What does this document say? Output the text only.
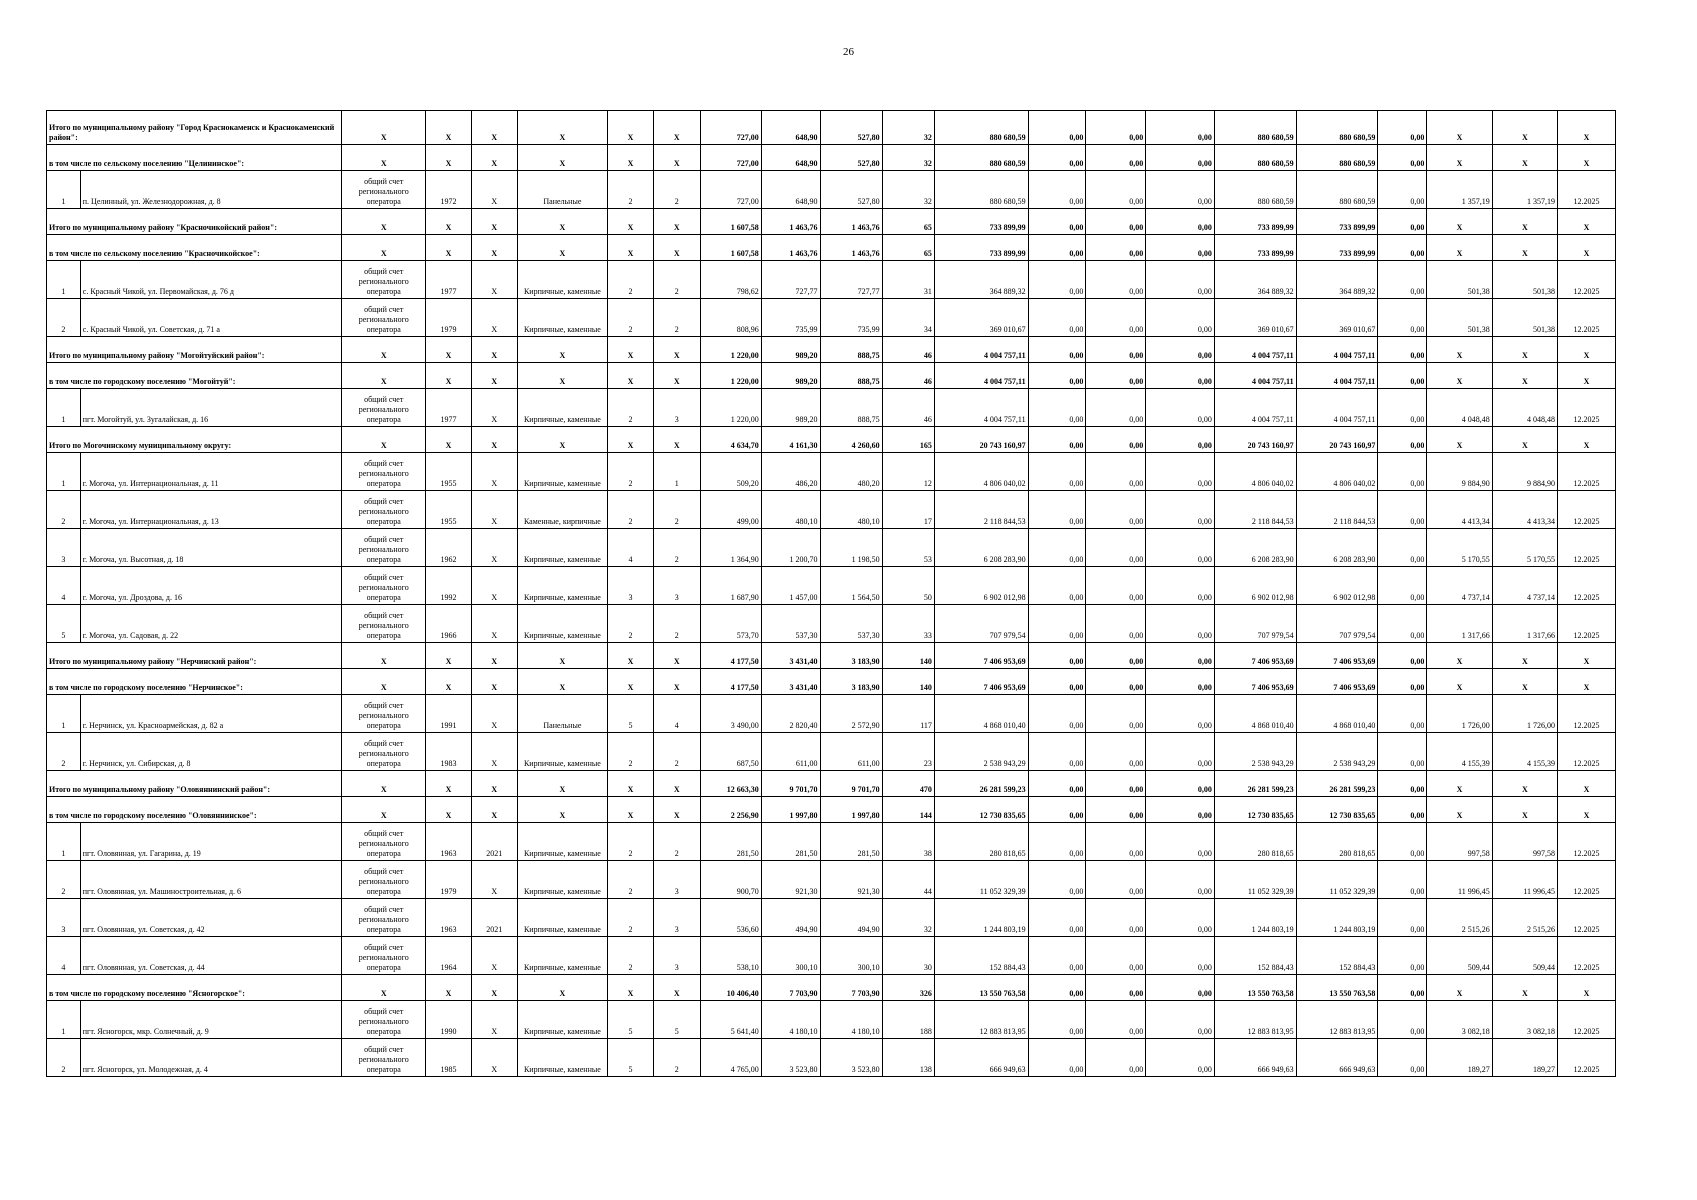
26
Итого по муниципальному району "Город Краснокаменск и Краснокаменский район":		X	X	X	X	X	X	727,00	648,90	527,80	32	880 680,59	0,00	0,00	0,00	880 680,59	880 680,59	0,00	X	X	X
в том числе по сельскому поселению "Целининское":		X	X	X	X	X	X	727,00	648,90	527,80	32	880 680,59	0,00	0,00	0,00	880 680,59	880 680,59	0,00	X	X	X
1	п. Целинный, ул. Железнодорожная, д. 8	общий счет регионального оператора	1972	X	Панельные	2	2	727,00	648,90	527,80	32	880 680,59	0,00	0,00	0,00	880 680,59	880 680,59	0,00	1 357,19	1 357,19	12.2025
Итого по муниципальному району "Красночикойский район":		X	X	X	X	X	X	1 607,58	1 463,76	1 463,76	65	733 899,99	0,00	0,00	0,00	733 899,99	733 899,99	0,00	X	X	X
в том числе по сельскому поселению "Красночикойское":		X	X	X	X	X	X	1 607,58	1 463,76	1 463,76	65	733 899,99	0,00	0,00	0,00	733 899,99	733 899,99	0,00	X	X	X
1	с. Красный Чикой, ул. Первомайская, д. 76 д	общий счет регионального оператора	1977	X	Кирпичные, каменные	2	2	798,62	727,77	727,77	31	364 889,32	0,00	0,00	0,00	364 889,32	364 889,32	0,00	501,38	501,38	12.2025
2	с. Красный Чикой, ул. Советская, д. 71 а	общий счет регионального оператора	1979	X	Кирпичные, каменные	2	2	808,96	735,99	735,99	34	369 010,67	0,00	0,00	0,00	369 010,67	369 010,67	0,00	501,38	501,38	12.2025
Итого по муниципальному району "Могойтуйский район":		X	X	X	X	X	X	1 220,00	989,20	888,75	46	4 004 757,11	0,00	0,00	0,00	4 004 757,11	4 004 757,11	0,00	X	X	X
в том числе по городскому поселению "Могойтуй":		X	X	X	X	X	X	1 220,00	989,20	888,75	46	4 004 757,11	0,00	0,00	0,00	4 004 757,11	4 004 757,11	0,00	X	X	X
1	пгт. Могойтуй, ул. Зугалайская, д. 16	общий счет регионального оператора	1977	X	Кирпичные, каменные	2	3	1 220,00	989,20	888,75	46	4 004 757,11	0,00	0,00	0,00	4 004 757,11	4 004 757,11	0,00	4 048,48	4 048,48	12.2025
Итого по Могочинскому муниципальному округу:		X	X	X	X	X	X	4 634,70	4 161,30	4 260,60	165	20 743 160,97	0,00	0,00	0,00	20 743 160,97	20 743 160,97	0,00	X	X	X
1	г. Могоча, ул. Интернациональная, д. 11	общий счет регионального оператора	1955	X	Кирпичные, каменные	2	1	509,20	486,20	480,20	12	4 806 040,02	0,00	0,00	0,00	4 806 040,02	4 806 040,02	0,00	9 884,90	9 884,90	12.2025
2	г. Могоча, ул. Интернациональная, д. 13	общий счет регионального оператора	1955	X	Каменные, кирпичные	2	2	499,00	480,10	480,10	17	2 118 844,53	0,00	0,00	0,00	2 118 844,53	2 118 844,53	0,00	4 413,34	4 413,34	12.2025
3	г. Могоча, ул. Высотная, д. 18	общий счет регионального оператора	1962	X	Кирпичные, каменные	4	2	1 364,90	1 200,70	1 198,50	53	6 208 283,90	0,00	0,00	0,00	6 208 283,90	6 208 283,90	0,00	5 170,55	5 170,55	12.2025
4	г. Могоча, ул. Дроздова, д. 16	общий счет регионального оператора	1992	X	Кирпичные, каменные	3	3	1 687,90	1 457,00	1 564,50	50	6 902 012,98	0,00	0,00	0,00	6 902 012,98	6 902 012,98	0,00	4 737,14	4 737,14	12.2025
5	г. Могоча, ул. Садовая, д. 22	общий счет регионального оператора	1966	X	Кирпичные, каменные	2	2	573,70	537,30	537,30	33	707 979,54	0,00	0,00	0,00	707 979,54	707 979,54	0,00	1 317,66	1 317,66	12.2025
Итого по муниципальному району "Нерчинский район":		X	X	X	X	X	X	4 177,50	3 431,40	3 183,90	140	7 406 953,69	0,00	0,00	0,00	7 406 953,69	7 406 953,69	0,00	X	X	X
в том числе по городскому поселению "Нерчинское":		X	X	X	X	X	X	4 177,50	3 431,40	3 183,90	140	7 406 953,69	0,00	0,00	0,00	7 406 953,69	7 406 953,69	0,00	X	X	X
1	г. Нерчинск, ул. Красноармейская, д. 82 а	общий счет регионального оператора	1991	X	Панельные	5	4	3 490,00	2 820,40	2 572,90	117	4 868 010,40	0,00	0,00	0,00	4 868 010,40	4 868 010,40	0,00	1 726,00	1 726,00	12.2025
2	г. Нерчинск, ул. Сибирская, д. 8	общий счет регионального оператора	1983	X	Кирпичные, каменные	2	2	687,50	611,00	611,00	23	2 538 943,29	0,00	0,00	0,00	2 538 943,29	2 538 943,29	0,00	4 155,39	4 155,39	12.2025
Итого по муниципальному району "Оловяннинский район":		X	X	X	X	X	X	12 663,30	9 701,70	9 701,70	470	26 281 599,23	0,00	0,00	0,00	26 281 599,23	26 281 599,23	0,00	X	X	X
в том числе по городскому поселению "Оловяннинское":		X	X	X	X	X	X	2 256,90	1 997,80	1 997,80	144	12 730 835,65	0,00	0,00	0,00	12 730 835,65	12 730 835,65	0,00	X	X	X
1	пгт. Оловянная, ул. Гагарина, д. 19	общий счет регионального оператора	1963	2021	Кирпичные, каменные	2	2	281,50	281,50	281,50	38	280 818,65	0,00	0,00	0,00	280 818,65	280 818,65	0,00	997,58	997,58	12.2025
2	пгт. Оловянная, ул. Машиностроительная, д. 6	общий счет регионального оператора	1979	X	Кирпичные, каменные	2	3	900,70	921,30	921,30	44	11 052 329,39	0,00	0,00	0,00	11 052 329,39	11 052 329,39	0,00	11 996,45	11 996,45	12.2025
3	пгт. Оловянная, ул. Советская, д. 42	общий счет регионального оператора	1963	2021	Кирпичные, каменные	2	3	536,60	494,90	494,90	32	1 244 803,19	0,00	0,00	0,00	1 244 803,19	1 244 803,19	0,00	2 515,26	2 515,26	12.2025
4	пгт. Оловянная, ул. Советская, д. 44	общий счет регионального оператора	1964	X	Кирпичные, каменные	2	3	538,10	300,10	300,10	30	152 884,43	0,00	0,00	0,00	152 884,43	152 884,43	0,00	509,44	509,44	12.2025
в том числе по городскому поселению "Ясногорское":		X	X	X	X	X	X	10 406,40	7 703,90	7 703,90	326	13 550 763,58	0,00	0,00	0,00	13 550 763,58	13 550 763,58	0,00	X	X	X
1	пгт. Ясногорск, мкр. Солнечный, д. 9	общий счет регионального оператора	1990	X	Кирпичные, каменные	5	5	5 641,40	4 180,10	4 180,10	188	12 883 813,95	0,00	0,00	0,00	12 883 813,95	12 883 813,95	0,00	3 082,18	3 082,18	12.2025
2	пгт. Ясногорск, ул. Молодежная, д. 4	общий счет регионального оператора	1985	X	Кирпичные, каменные	5	2	4 765,00	3 523,80	3 523,80	138	666 949,63	0,00	0,00	0,00	666 949,63	666 949,63	0,00	189,27	189,27	12.2025
